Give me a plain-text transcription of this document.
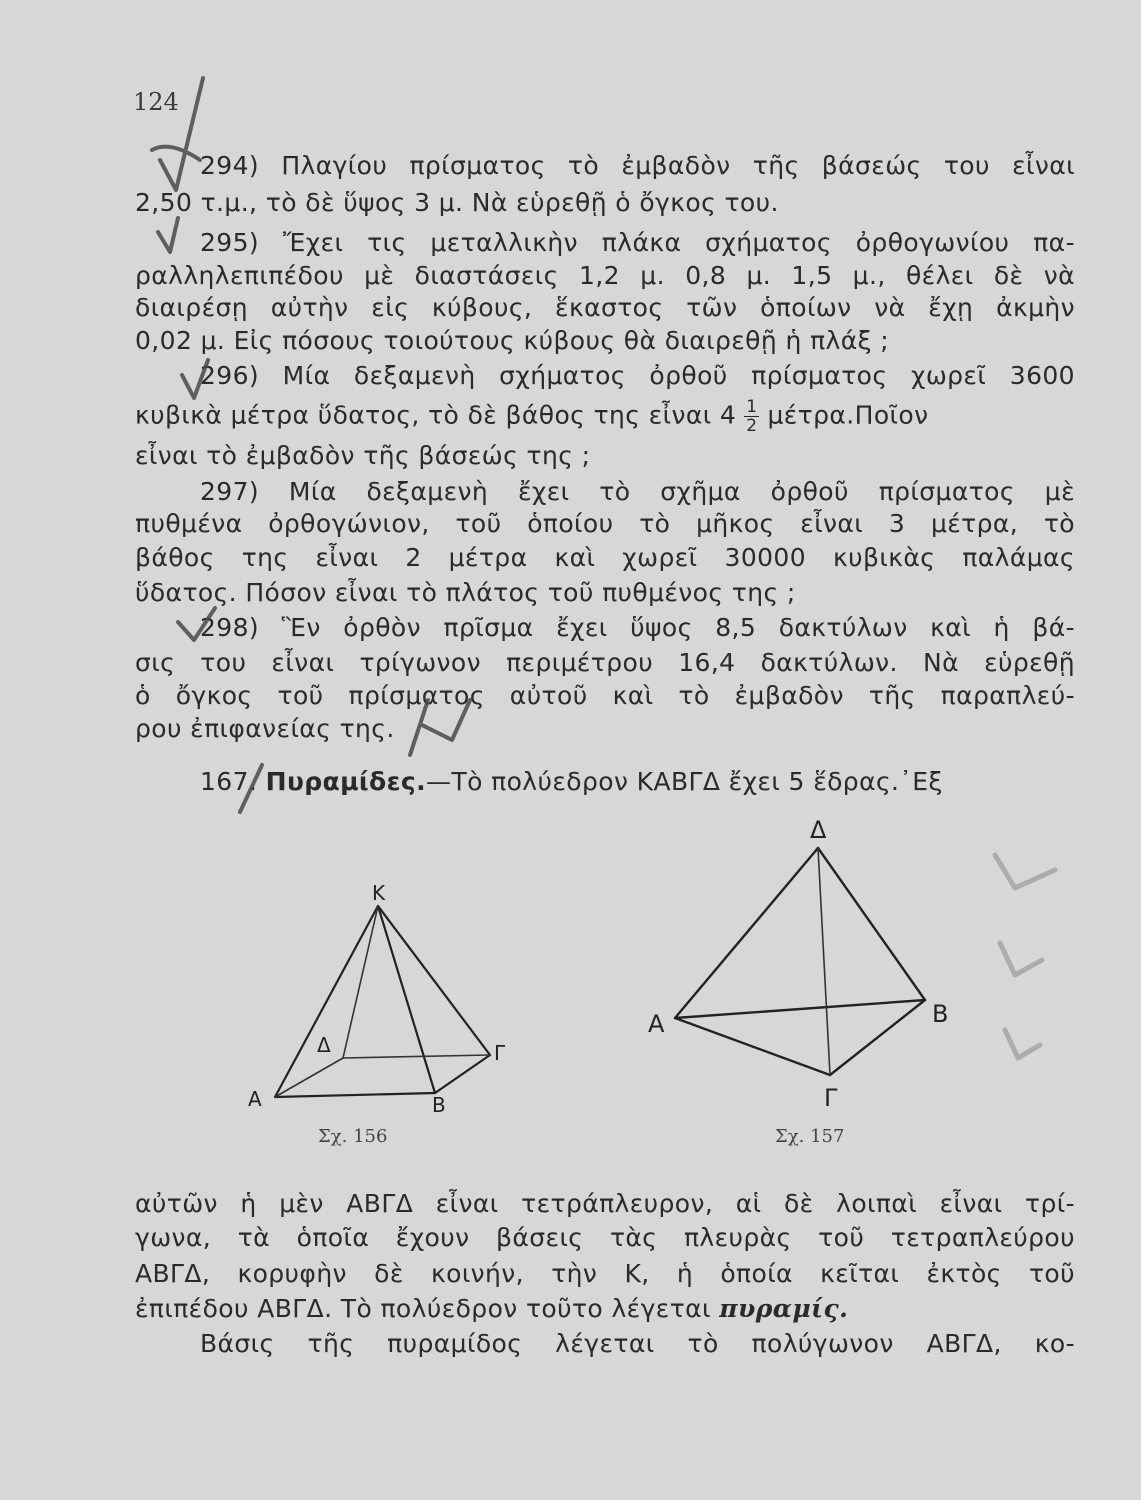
124
294) Πλαγίου πρίσματος τὸ ἐμβαδὸν τῆς βάσεώς του εἶναι
2,50 τ.μ., τὸ δὲ ὕψος 3 μ. Νὰ εὑρεθῇ ὁ ὄγκος του.
295) Ἔχει τις μεταλλικὴν πλάκα σχήματος ὀρθογωνίου πα-
ραλληλεπιπέδου μὲ διαστάσεις 1,2 μ. 0,8 μ. 1,5 μ., θέλει δὲ νὰ
διαιρέσῃ αὐτὴν εἰς κύβους, ἕκαστος τῶν ὁποίων νὰ ἔχῃ ἀκμὴν
0,02 μ. Εἰς πόσους τοιούτους κύβους θὰ διαιρεθῇ ἡ πλάξ ;
296) Μία δεξαμενὴ σχήματος ὀρθοῦ πρίσματος χωρεῖ 3600
κυβικὰ μέτρα ὕδατος, τὸ δὲ βάθος της εἶναι $4 \frac{1}{2}$ μέτρα.Ποῖον
εἶναι τὸ ἐμβαδὸν τῆς βάσεώς της ;
297) Μία δεξαμενὴ ἔχει τὸ σχῆμα ὀρθοῦ πρίσματος μὲ
πυθμένα ὀρθογώνιον, τοῦ ὁποίου τὸ μῆκος εἶναι 3 μέτρα, τὸ
βάθος της εἶναι 2 μέτρα καὶ χωρεῖ 30000 κυβικὰς παλάμας
ὕδατος. Πόσον εἶναι τὸ πλάτος τοῦ πυθμένος της ;
298) Ἓν ὀρθὸν πρῖσμα ἔχει ὕψος 8,5 δακτύλων καὶ ἡ βά-
σις του εἶναι τρίγωνον περιμέτρου 16,4 δακτύλων. Νὰ εὑρεθῇ
ὁ ὄγκος τοῦ πρίσματος αὐτοῦ καὶ τὸ ἐμβαδὸν τῆς παραπλεύ-
ρου ἐπιφανείας της.
167. Πυραμίδες.—Τὸ πολύεδρον ΚΑΒΓΔ ἔχει 5 ἕδρας.᾿Εξ
K
A	B
Γ
Δ
Σχ. 156
Δ
A	B
Γ
Σχ. 157
αὐτῶν ἡ μὲν ΑΒΓΔ εἶναι τετράπλευρον, αἱ δὲ λοιπαὶ εἶναι τρί-
γωνα, τὰ ὁποῖα ἔχουν βάσεις τὰς πλευρὰς τοῦ τετραπλεύρου
ΑΒΓΔ, κορυφὴν δὲ κοινήν, τὴν Κ, ἡ ὁποία κεῖται ἐκτὸς τοῦ
ἐπιπέδου ΑΒΓΔ. Τὸ πολύεδρον τοῦτο λέγεται πυραμίς.
Βάσις τῆς πυραμίδος λέγεται τὸ πολύγωνον ΑΒΓΔ, κο-
